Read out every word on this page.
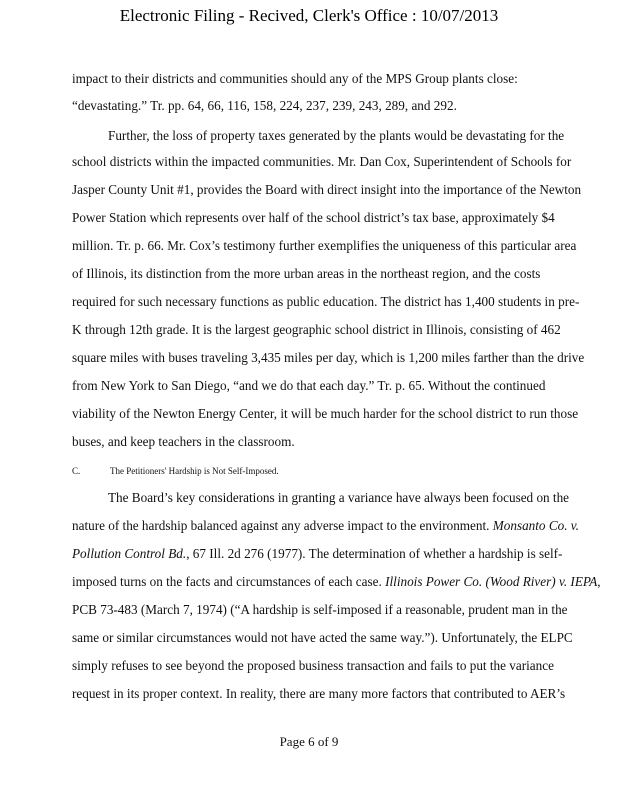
Electronic Filing - Recived, Clerk's Office : 10/07/2013
impact to their districts and communities should any of the MPS Group plants close:
“devastating.” Tr. pp. 64, 66, 116, 158, 224, 237, 239, 243, 289, and 292.
Further, the loss of property taxes generated by the plants would be devastating for the
school districts within the impacted communities. Mr. Dan Cox, Superintendent of Schools for
Jasper County Unit #1, provides the Board with direct insight into the importance of the Newton
Power Station which represents over half of the school district’s tax base, approximately $4
million. Tr. p. 66. Mr. Cox’s testimony further exemplifies the uniqueness of this particular area
of Illinois, its distinction from the more urban areas in the northeast region, and the costs
required for such necessary functions as public education. The district has 1,400 students in pre-
K through 12th grade. It is the largest geographic school district in Illinois, consisting of 462
square miles with buses traveling 3,435 miles per day, which is 1,200 miles farther than the drive
from New York to San Diego, “and we do that each day.” Tr. p. 65. Without the continued
viability of the Newton Energy Center, it will be much harder for the school district to run those
buses, and keep teachers in the classroom.
C.	The Petitioners' Hardship is Not Self-Imposed.
The Board’s key considerations in granting a variance have always been focused on the
nature of the hardship balanced against any adverse impact to the environment. Monsanto Co. v.
Pollution Control Bd., 67 Ill. 2d 276 (1977). The determination of whether a hardship is self-
imposed turns on the facts and circumstances of each case. Illinois Power Co. (Wood River) v. IEPA,
PCB 73-483 (March 7, 1974) (“A hardship is self-imposed if a reasonable, prudent man in the
same or similar circumstances would not have acted the same way.”). Unfortunately, the ELPC
simply refuses to see beyond the proposed business transaction and fails to put the variance
request in its proper context. In reality, there are many more factors that contributed to AER’s
Page 6 of 9
